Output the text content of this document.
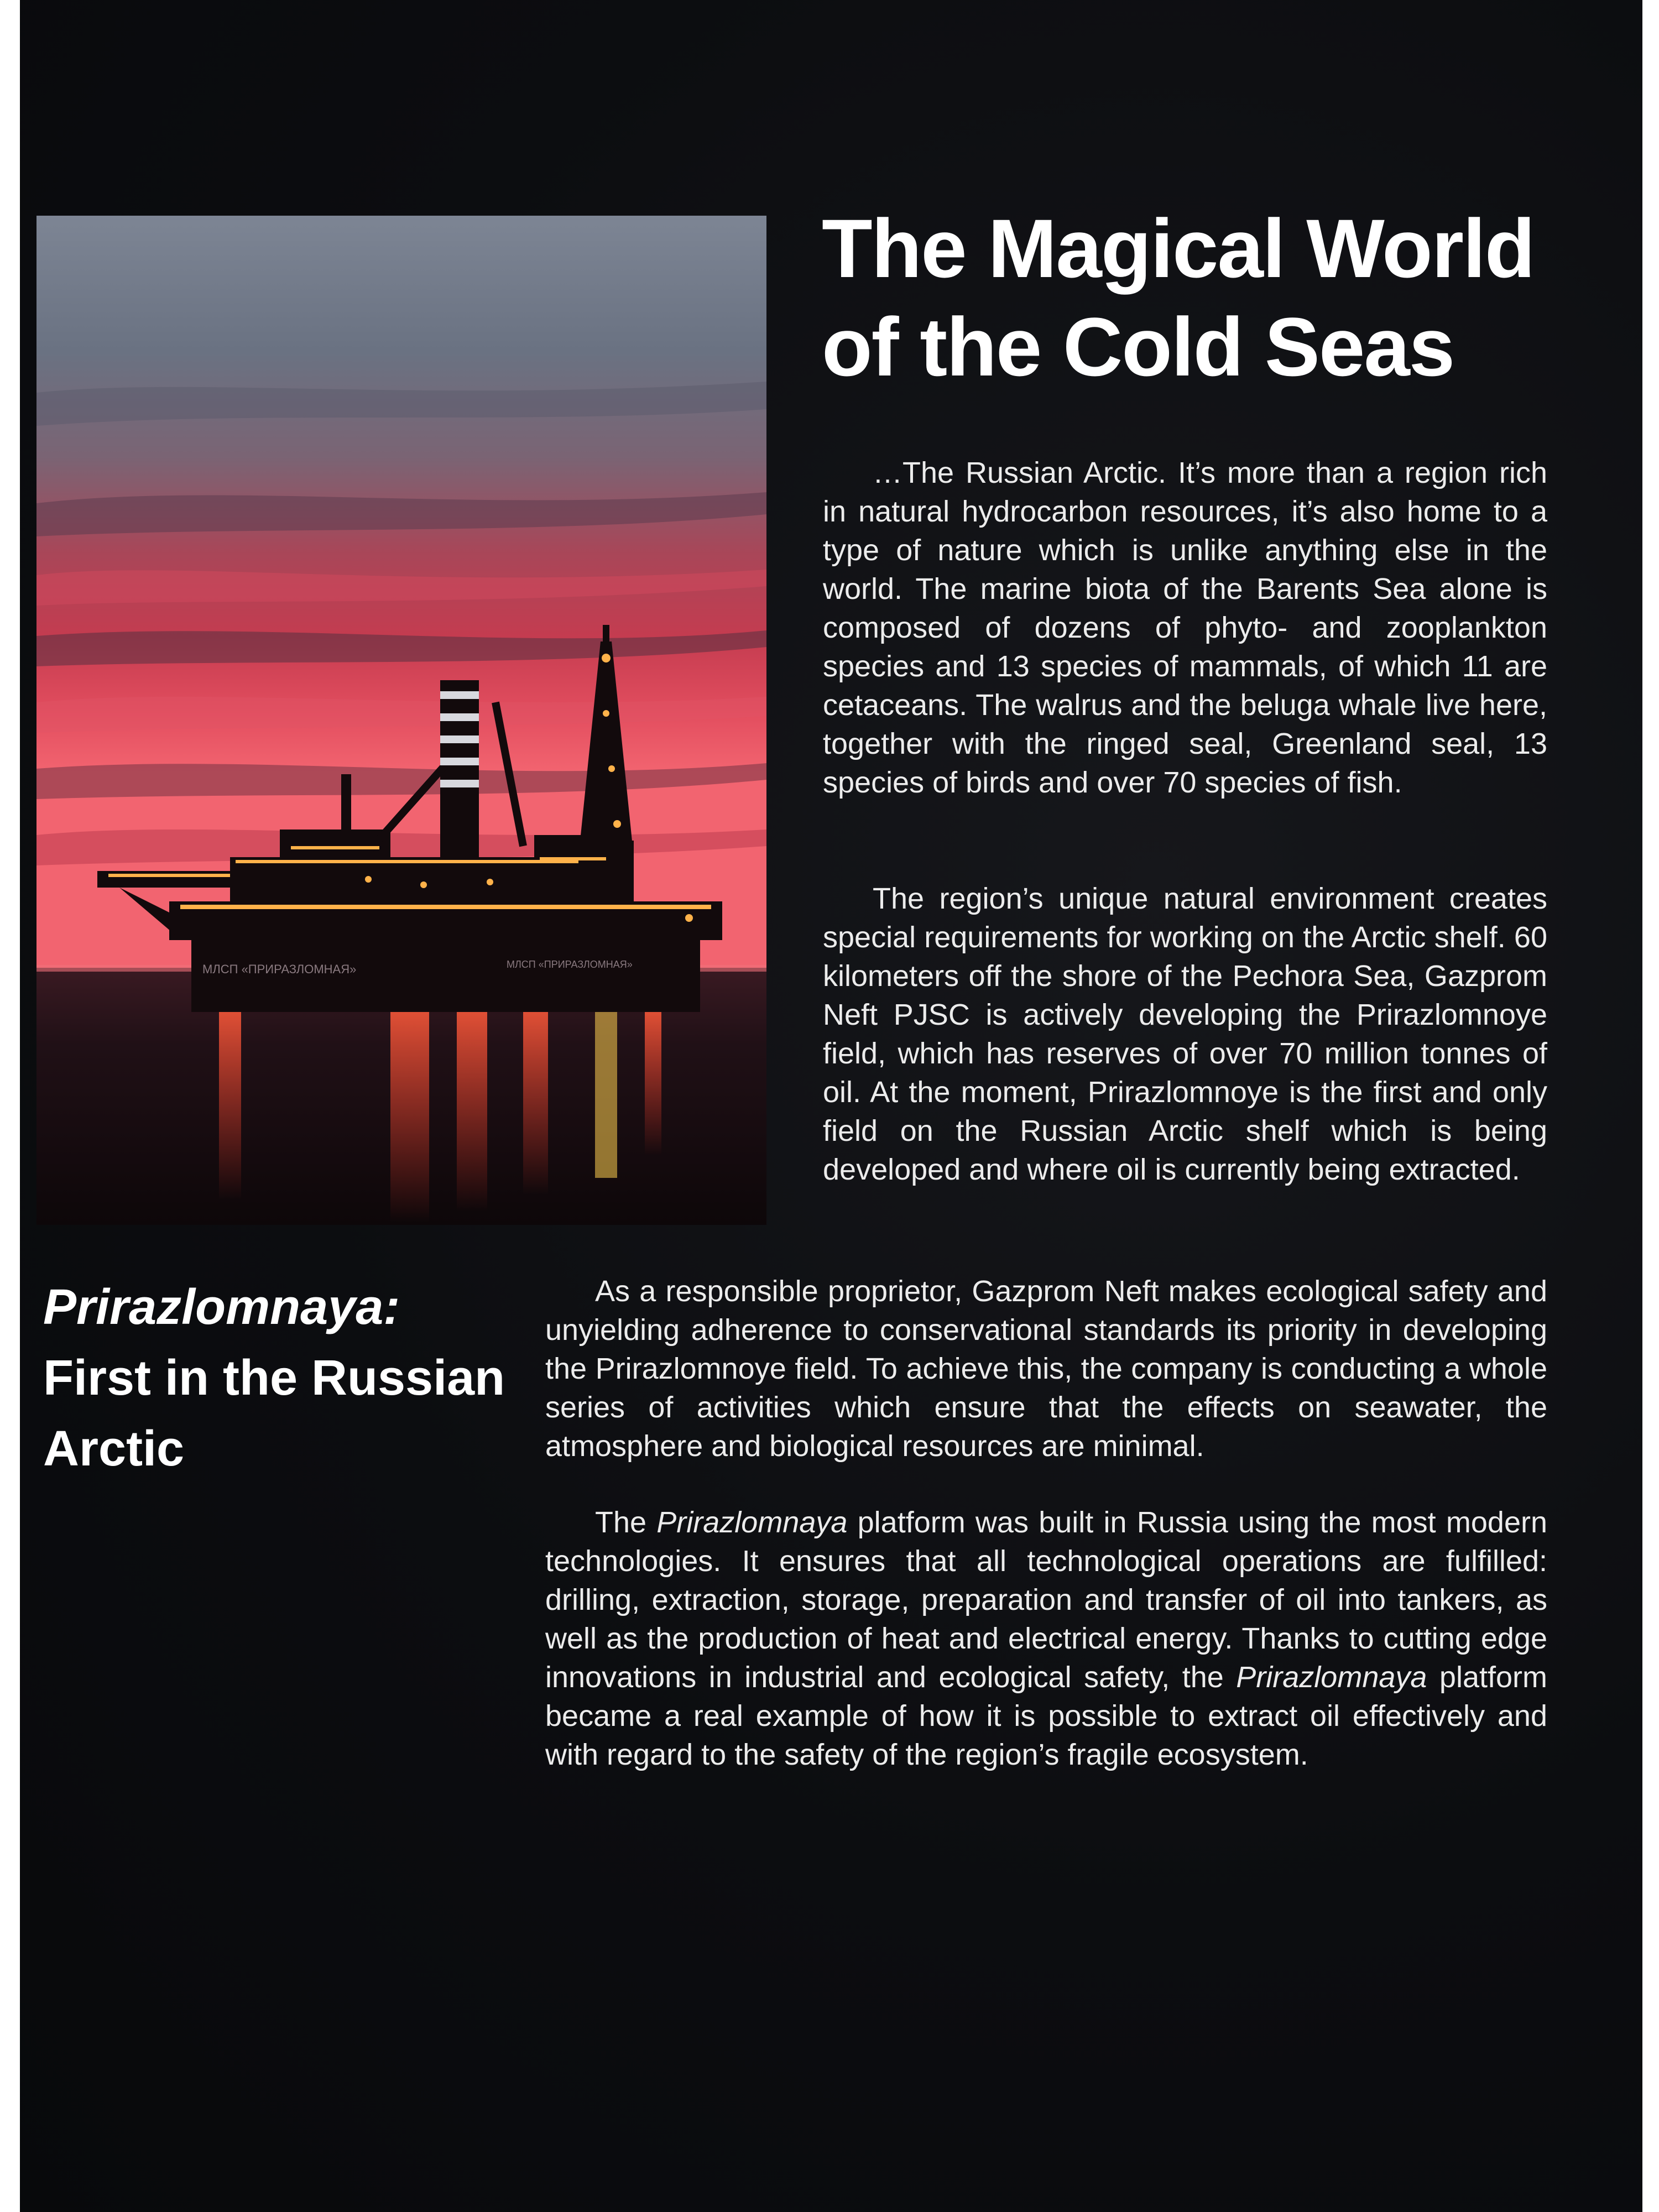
МЛСП «ПРИРАЗЛОМНАЯ»	МЛСП «ПРИРАЗЛОМНАЯ»
The Magical World
of the Cold Seas

…The Russian Arctic. It’s more than a region rich in natural hydrocarbon resources, it’s also home to a type of nature which is unlike anything else in the world. The marine biota of the Barents Sea alone is composed of dozens of phyto- and zooplankton species and 13 species of mammals, of which 11 are cetaceans. The walrus and the beluga whale live here, together with the ringed seal, Greenland seal, 13 species of birds and over 70 species of fish.

The region’s unique natural environment creates special requirements for working on the Arctic shelf. 60 kilometers off the shore of the Pechora Sea, Gazprom Neft PJSC is actively developing the Prirazlomnoye field, which has reserves of over 70 million tonnes of oil. At the moment, Prirazlomnoye is the first and only field on the Russian Arctic shelf which is being developed and where oil is currently being extracted.

Prirazlomnaya:
First in the Russian
Arctic

As a responsible proprietor, Gazprom Neft makes ecological safety and unyielding adherence to conservational standards its priority in developing the Prirazlomnoye field. To achieve this, the company is conducting a whole series of activities which ensure that the effects on seawater, the atmosphere and biological resources are minimal.

The Prirazlomnaya platform was built in Russia using the most modern technologies. It ensures that all technological operations are fulfilled: drilling, extraction, storage, preparation and transfer of oil into tankers, as well as the production of heat and electrical energy. Thanks to cutting edge innovations in industrial and ecological safety, the Prirazlomnaya platform became a real example of how it is possible to extract oil effectively and with regard to the safety of the region’s fragile ecosystem.
